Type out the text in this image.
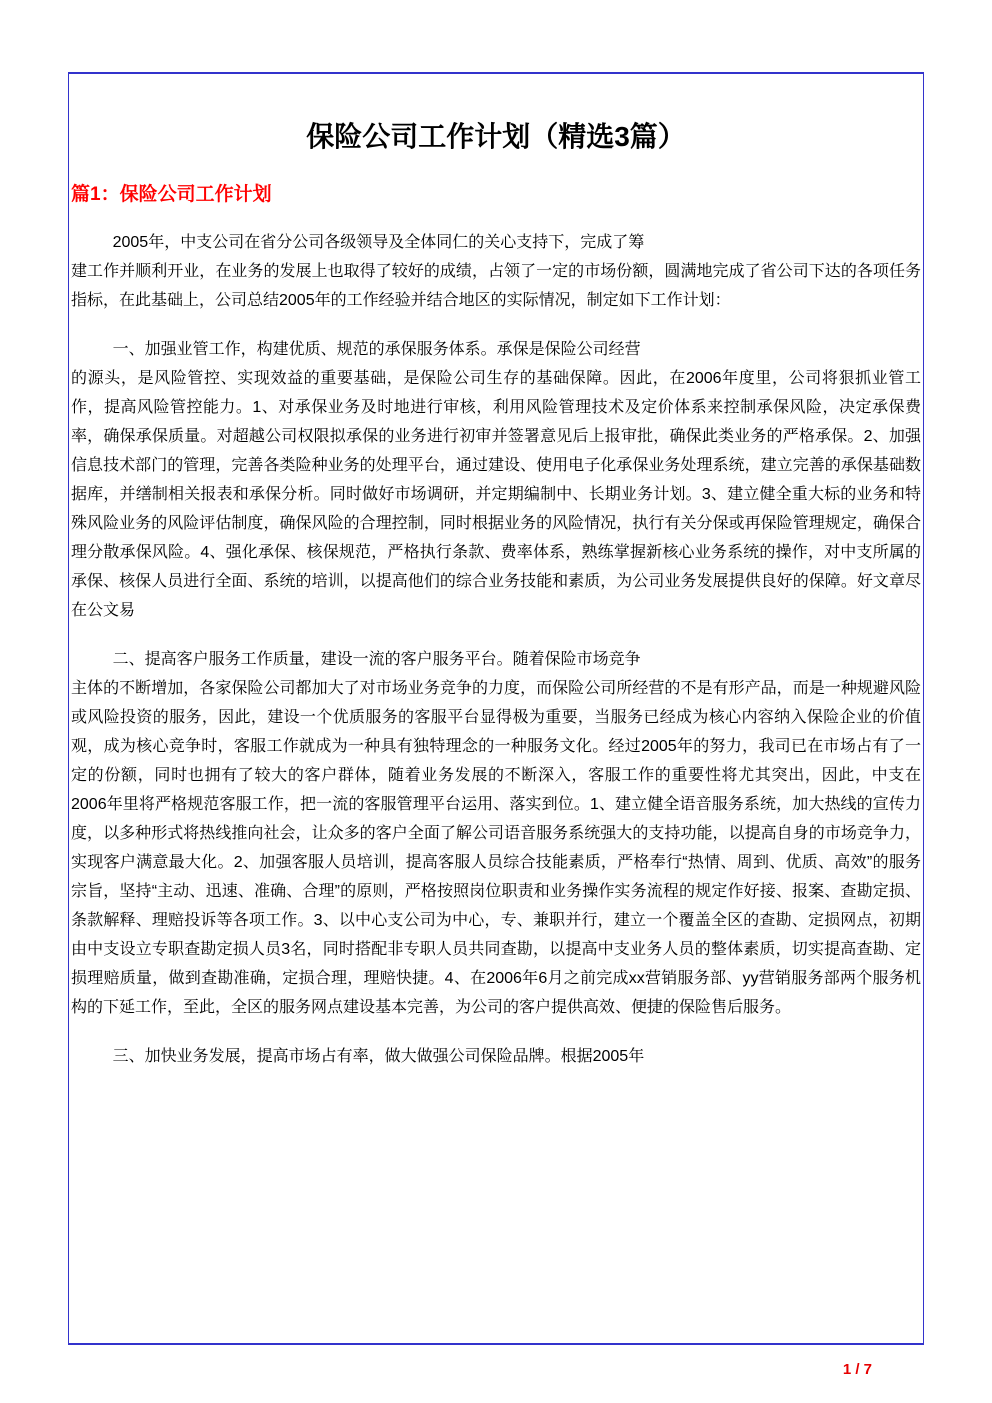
保险公司工作计划（精选3篇）
篇1：保险公司工作计划

2005年，中支公司在省分公司各级领导及全体同仁的关心支持下，完成了筹
建工作并顺利开业，在业务的发展上也取得了较好的成绩，占领了一定的市场份额，圆满地完成了省公司下达的各项任务指标，在此基础上，公司总结2005年的工作经验并结合地区的实际情况，制定如下工作计划：

一、加强业管工作，构建优质、规范的承保服务体系。承保是保险公司经营
的源头，是风险管控、实现效益的重要基础，是保险公司生存的基础保障。因此，在2006年度里，公司将狠抓业管工作，提高风险管控能力。1、对承保业务及时地进行审核，利用风险管理技术及定价体系来控制承保风险，决定承保费率，确保承保质量。对超越公司权限拟承保的业务进行初审并签署意见后上报审批，确保此类业务的严格承保。2、加强信息技术部门的管理，完善各类险种业务的处理平台，通过建设、使用电子化承保业务处理系统，建立完善的承保基础数据库，并缮制相关报表和承保分析。同时做好市场调研，并定期编制中、长期业务计划。3、建立健全重大标的业务和特殊风险业务的风险评估制度，确保风险的合理控制，同时根据业务的风险情况，执行有关分保或再保险管理规定，确保合理分散承保风险。4、强化承保、核保规范，严格执行条款、费率体系，熟练掌握新核心业务系统的操作，对中支所属的承保、核保人员进行全面、系统的培训，以提高他们的综合业务技能和素质，为公司业务发展提供良好的保障。好文章尽在公文易

二、提高客户服务工作质量，建设一流的客户服务平台。随着保险市场竞争
主体的不断增加，各家保险公司都加大了对市场业务竞争的力度，而保险公司所经营的不是有形产品，而是一种规避风险或风险投资的服务，因此，建设一个优质服务的客服平台显得极为重要，当服务已经成为核心内容纳入保险企业的价值观，成为核心竞争时，客服工作就成为一种具有独特理念的一种服务文化。经过2005年的努力，我司已在市场占有了一定的份额，同时也拥有了较大的客户群体，随着业务发展的不断深入，客服工作的重要性将尤其突出，因此，中支在2006年里将严格规范客服工作，把一流的客服管理平台运用、落实到位。1、建立健全语音服务系统，加大热线的宣传力度，以多种形式将热线推向社会，让众多的客户全面了解公司语音服务系统强大的支持功能，以提高自身的市场竞争力，实现客户满意最大化。2、加强客服人员培训，提高客服人员综合技能素质，严格奉行“热情、周到、优质、高效”的服务宗旨，坚持“主动、迅速、准确、合理”的原则，严格按照岗位职责和业务操作实务流程的规定作好接、报案、查勘定损、条款解释、理赔投诉等各项工作。3、以中心支公司为中心，专、兼职并行，建立一个覆盖全区的查勘、定损网点，初期由中支设立专职查勘定损人员3名，同时搭配非专职人员共同查勘，以提高中支业务人员的整体素质，切实提高查勘、定损理赔质量，做到查勘准确，定损合理，理赔快捷。4、在2006年6月之前完成xx营销服务部、yy营销服务部两个服务机构的下延工作，至此，全区的服务网点建设基本完善，为公司的客户提供高效、便捷的保险售后服务。

三、加快业务发展，提高市场占有率，做大做强公司保险品牌。根据2005年

1 / 7
